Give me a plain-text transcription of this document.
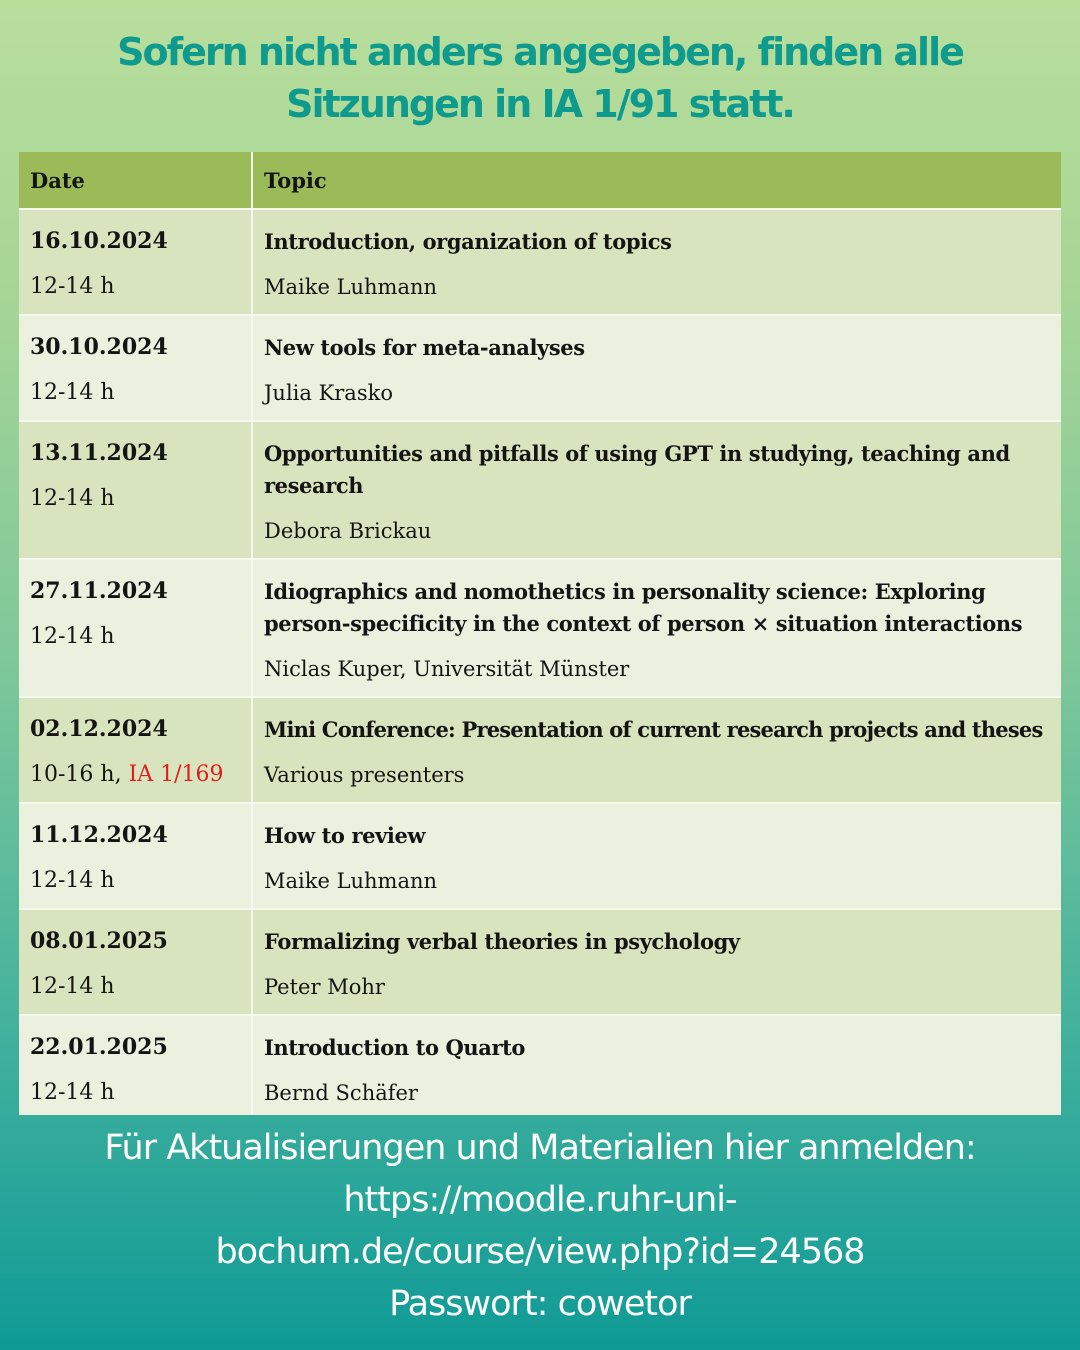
Sofern nicht anders angegeben, finden alle
Sitzungen in IA 1/91 statt.
Date	Topic
16.10.2024
12-14 h
Introduction, organization of topics
Maike Luhmann
30.10.2024
12-14 h
New tools for meta-analyses
Julia Krasko
13.11.2024
12-14 h
Opportunities and pitfalls of using GPT in studying, teaching and research
Debora Brickau
27.11.2024
12-14 h
Idiographics and nomothetics in personality science: Exploring person-specificity in the context of person × situation interactions
Niclas Kuper, Universität Münster
02.12.2024
10-16 h, IA 1/169
Mini Conference: Presentation of current research projects and theses
Various presenters
11.12.2024
12-14 h
How to review
Maike Luhmann
08.01.2025
12-14 h
Formalizing verbal theories in psychology
Peter Mohr
22.01.2025
12-14 h
Introduction to Quarto
Bernd Schäfer
Für Aktualisierungen und Materialien hier anmelden:
https://moodle.ruhr-uni-
bochum.de/course/view.php?id=24568
Passwort: cowetor
